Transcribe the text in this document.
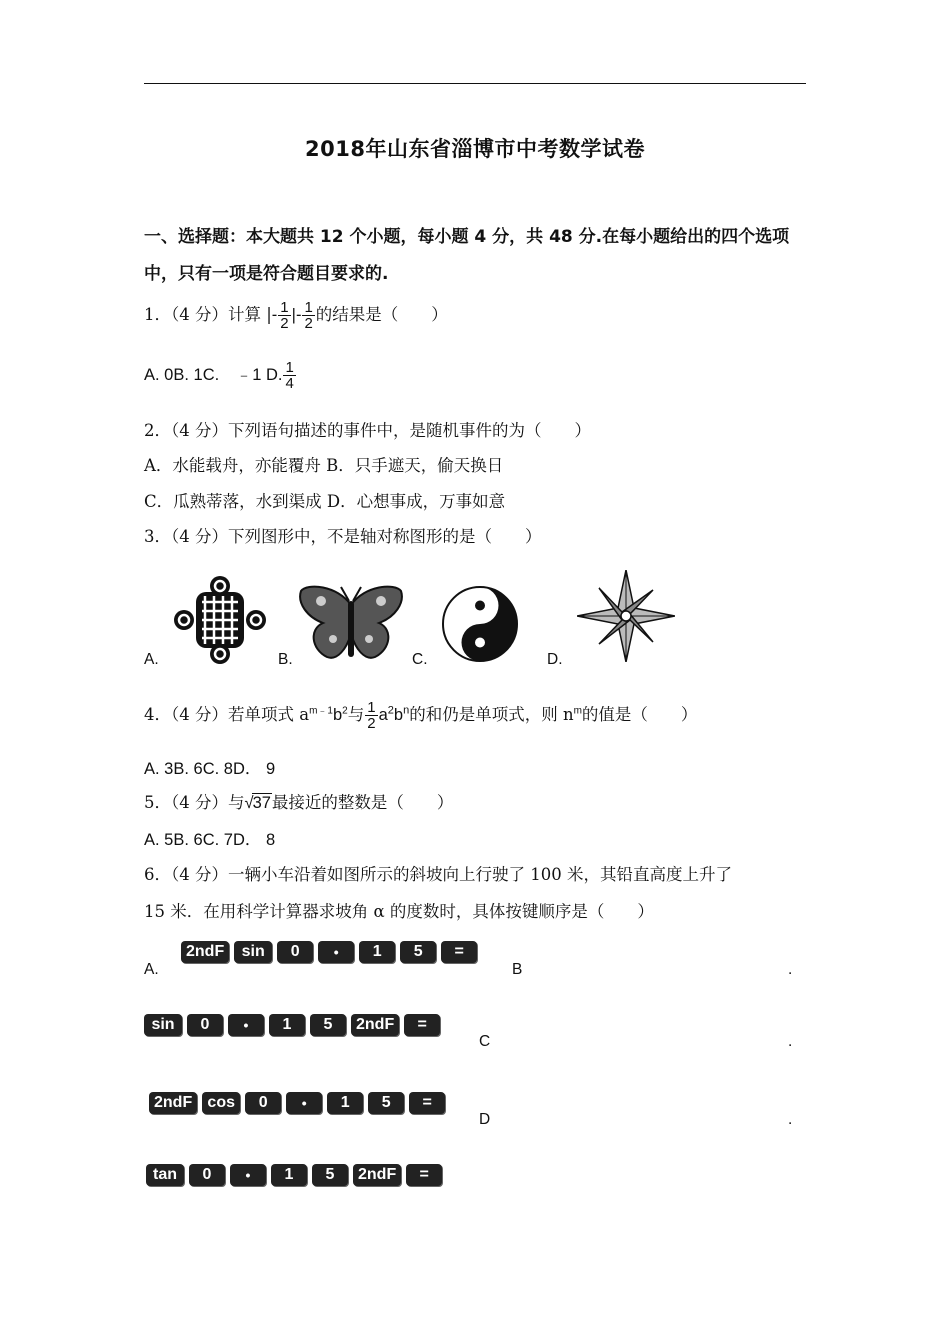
2018年山东省淄博市中考数学试卷
一、选择题：本大题共 12 个小题，每小题 4 分，共 48 分.在每小题给出的四个选项
中，只有一项是符合题目要求的.
1．（4 分）计算 |- $\frac{1}{2}$ |- $\frac{1}{2}$ 的结果是（　　）
A. 0B. 1C.　﹣1 D. $\frac{1}{4}$
2．（4 分）下列语句描述的事件中，是随机事件的为（　　）
A．水能载舟，亦能覆舟 B．只手遮天，偷天换日
C．瓜熟蒂落，水到渠成 D．心想事成，万事如意
3．（4 分）下列图形中，不是轴对称图形的是（　　）
A.	B.	C.	D.
4．（4 分）若单项式 $a^{m﹣1}b^2$与 $\frac{1}{2} a^2b^n$的和仍是单项式，则 $n^m$的值是（　　）
A. 3B. 6C. 8D． 9
5．（4 分）与√37最接近的整数是（　　）
A. 5B. 6C. 7D． 8
6．（4 分）一辆小车沿着如图所示的斜坡向上行驶了 100 米，其铅直高度上升了
15 米．在用科学计算器求坡角 α 的度数时，具体按键顺序是（　　）
A.
2ndF	sin	0	•	1	5	=
B	.
sin	0	•	1	5	2ndF	=
C	.
2ndF cos	0	•	1	5	=
D	.
tan	0	•	1	5	2ndF	=
